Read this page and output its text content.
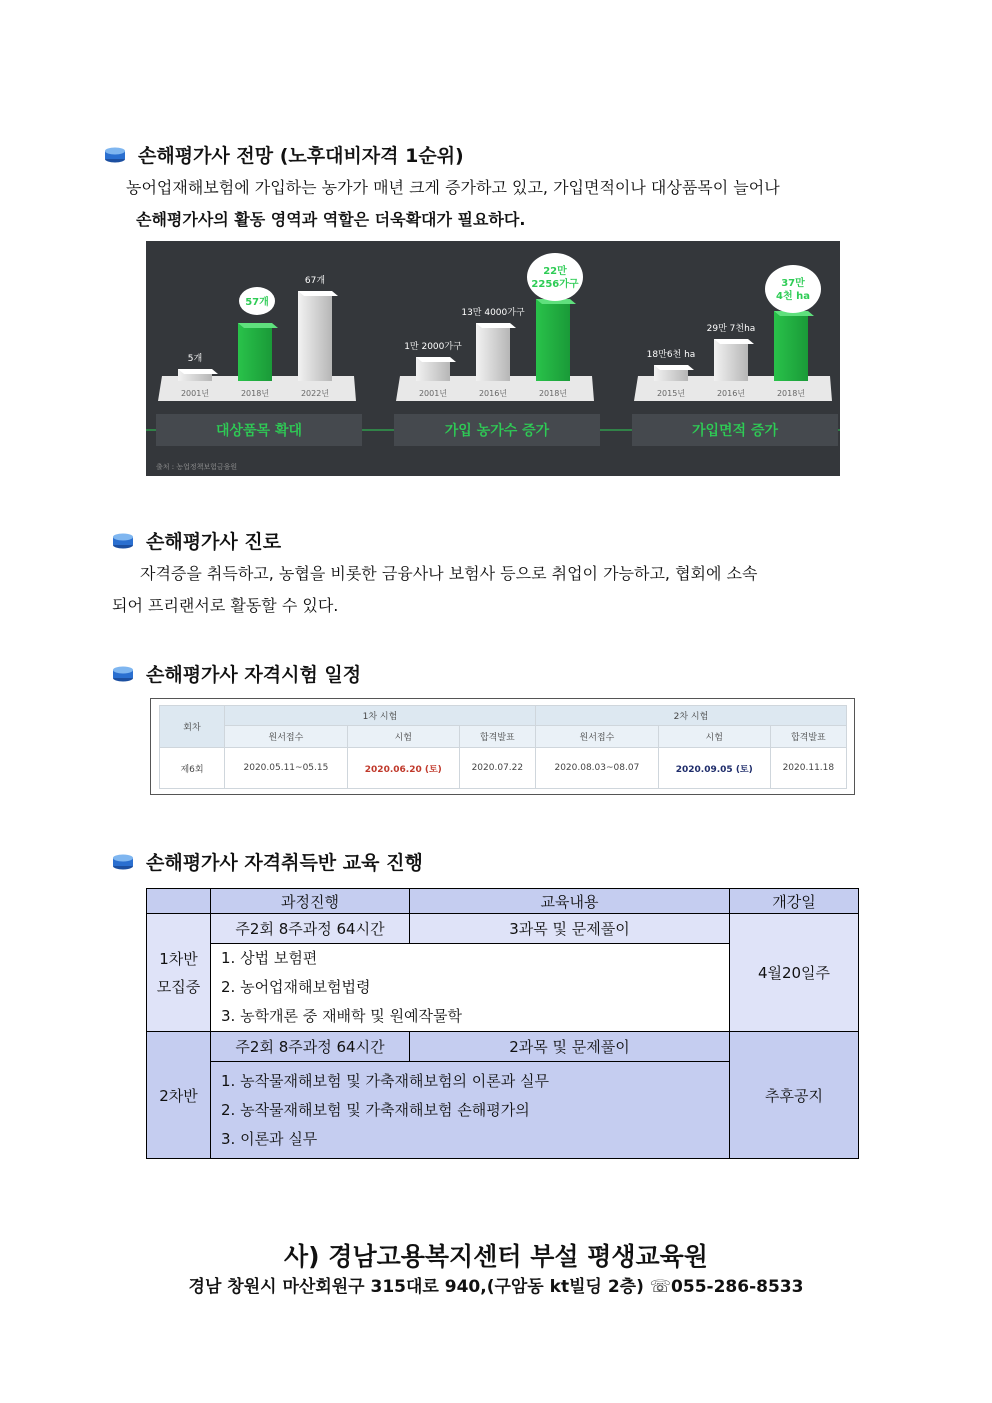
손해평가사 전망 (노후대비자격 1순위)
농어업재해보험에 가입하는 농가가 매년 크게 증가하고 있고, 가입면적이나 대상품목이 늘어나
손해평가사의 활동 영역과 역할은 더욱확대가 필요하다.
대상품목 확대
2001년
5개
2018년
57개
2022년
67개
가입 농가수 증가
2001년
1만 2000가구
2016년
13만 4000가구
2018년
22만
2256가구
가입면적 증가
2015년
18만6천 ha
2016년
29만 7천ha
2018년
37만
4천 ha
출처 : 농업정책보험금융원
손해평가사 진로
자격증을 취득하고, 농협을 비롯한 금융사나 보험사 등으로 취업이 가능하고, 협회에 소속
되어 프리랜서로 활동할 수 있다.
손해평가사 자격시험 일정
회차	1차 시험			2차 시험		
	원서접수	시험	합격발표	원서접수	시험	합격발표
제6회	2020.05.11~05.15	2020.06.20 (토)	2020.07.22	2020.08.03~08.07	2020.09.05 (토)	2020.11.18
손해평가사 자격취득반 교육 진행
	과정진행	교육내용	개강일

1차반
모집중	주2회 8주과정 64시간	3과목 및 문제풀이	4월20일주

	1. 상법 보험편
2. 농어업재해보험법령
3. 농학개론 중 재배학 및 원예작물학		

2차반	주2회 8주과정 64시간	2과목 및 문제풀이	추후공지

	1. 농작물재해보험 및 가축재해보험의 이론과 실무
2. 농작물재해보험 및 가축재해보험 손해평가의
3. 이론과 실무		
사) 경남고용복지센터 부설 평생교육원
경남 창원시 마산회원구 315대로 940,(구암동 kt빌딩 2층) ☏055-286-8533
